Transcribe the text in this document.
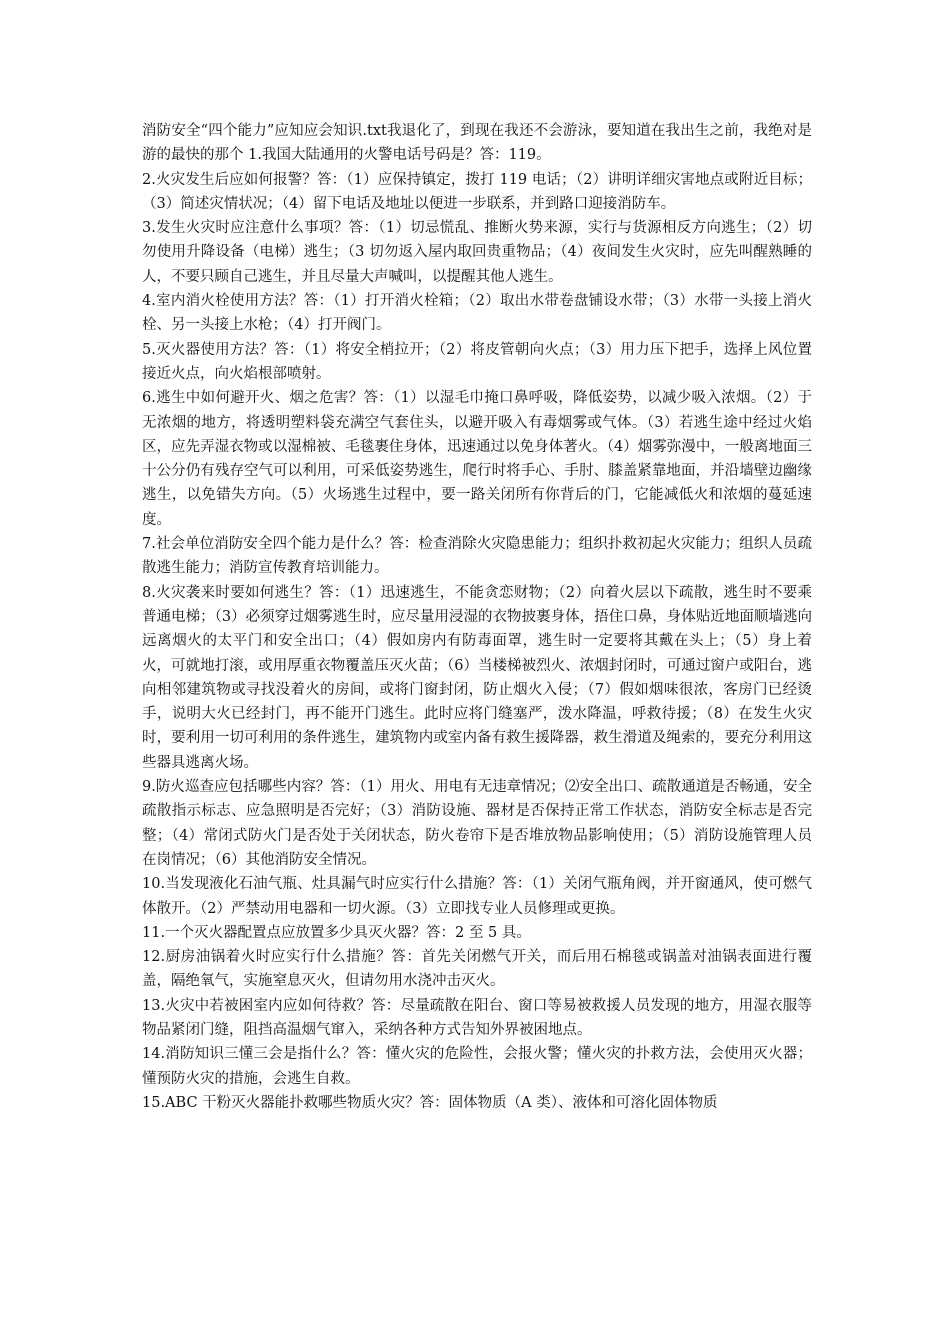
消防安全“四个能力”应知应会知识.txt我退化了，到现在我还不会游泳，要知道在我出生之前，我绝对是游的最快的那个 1.我国大陆通用的火警电话号码是？答：119。

2.火灾发生后应如何报警？答：（1）应保持镇定，拨打 119 电话；（2）讲明详细灾害地点或附近目标；（3）简述灾情状况；（4）留下电话及地址以便进一步联系，并到路口迎接消防车。

3.发生火灾时应注意什么事项？答：（1）切忌慌乱、推断火势来源，实行与货源相反方向逃生；（2）切勿使用升降设备（电梯）逃生；（3 切勿返入屋内取回贵重物品；（4）夜间发生火灾时，应先叫醒熟睡的人，不要只顾自己逃生，并且尽量大声喊叫，以提醒其他人逃生。

4.室内消火栓使用方法？答：（1）打开消火栓箱；（2）取出水带卷盘铺设水带；（3）水带一头接上消火栓、另一头接上水枪；（4）打开阀门。

5.灭火器使用方法？答：（1）将安全梢拉开；（2）将皮管朝向火点；（3）用力压下把手，选择上风位置接近火点，向火焰根部喷射。

6.逃生中如何避开火、烟之危害？答：（1）以湿毛巾掩口鼻呼吸，降低姿势，以减少吸入浓烟。（2）于无浓烟的地方，将透明塑料袋充满空气套住头，以避开吸入有毒烟雾或气体。（3）若逃生途中经过火焰区，应先弄湿衣物或以湿棉被、毛毯裹住身体，迅速通过以免身体著火。（4）烟雾弥漫中，一般离地面三十公分仍有残存空气可以利用，可采低姿势逃生，爬行时将手心、手肘、膝盖紧靠地面，并沿墙壁边幽缘逃生，以免错失方向。（5）火场逃生过程中，要一路关闭所有你背后的门，它能减低火和浓烟的蔓延速度。

7.社会单位消防安全四个能力是什么？答：检查消除火灾隐患能力；组织扑救初起火灾能力；组织人员疏散逃生能力；消防宣传教育培训能力。

8.火灾袭来时要如何逃生？答：（1）迅速逃生，不能贪恋财物；（2）向着火层以下疏散，逃生时不要乘普通电梯；（3）必须穿过烟雾逃生时，应尽量用浸湿的衣物披裹身体，捂住口鼻，身体贴近地面顺墙逃向远离烟火的太平门和安全出口；（4）假如房内有防毒面罩，逃生时一定要将其戴在头上；（5）身上着火，可就地打滚，或用厚重衣物覆盖压灭火苗；（6）当楼梯被烈火、浓烟封闭时，可通过窗户或阳台，逃向相邻建筑物或寻找没着火的房间，或将门窗封闭，防止烟火入侵；（7）假如烟味很浓，客房门已经烫手，说明大火已经封门，再不能开门逃生。此时应将门缝塞严，泼水降温，呼救待援；（8）在发生火灾时，要利用一切可利用的条件逃生，建筑物内或室内备有救生援降器，救生滑道及绳索的，要充分利用这些器具逃离火场。

9.防火巡查应包括哪些内容？答：（1）用火、用电有无违章情况；⑵安全出口、疏散通道是否畅通，安全疏散指示标志、应急照明是否完好；（3）消防设施、器材是否保持正常工作状态，消防安全标志是否完整；（4）常闭式防火门是否处于关闭状态，防火卷帘下是否堆放物品影响使用；（5）消防设施管理人员在岗情况；（6）其他消防安全情况。

10.当发现液化石油气瓶、灶具漏气时应实行什么措施？答：（1）关闭气瓶角阀，并开窗通风，使可燃气体散开。（2）严禁动用电器和一切火源。（3）立即找专业人员修理或更换。

11.一个灭火器配置点应放置多少具灭火器？答：2 至 5 具。

12.厨房油锅着火时应实行什么措施？答：首先关闭燃气开关，而后用石棉毯或锅盖对油锅表面进行覆盖，隔绝氧气，实施窒息灭火，但请勿用水浇冲击灭火。

13.火灾中若被困室内应如何待救？答：尽量疏散在阳台、窗口等易被救援人员发现的地方，用湿衣服等物品紧闭门缝，阻挡高温烟气窜入，采纳各种方式告知外界被困地点。

14.消防知识三懂三会是指什么？答：懂火灾的危险性，会报火警；懂火灾的扑救方法，会使用灭火器；懂预防火灾的措施，会逃生自救。

15.ABC 干粉灭火器能扑救哪些物质火灾？答：固体物质（A 类）、液体和可溶化固体物质
